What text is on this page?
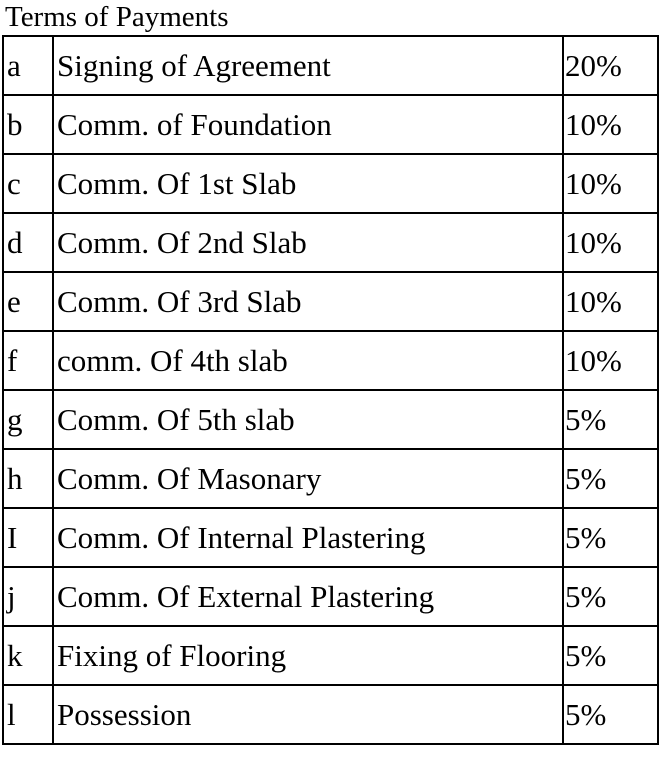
Terms of Payments
a	Signing of Agreement	20%
b	Comm. of Foundation	10%
c	Comm. Of 1st Slab	10%
d	Comm. Of 2nd Slab	10%
e	Comm. Of 3rd Slab	10%
f	comm. Of 4th slab	10%
g	Comm. Of 5th slab	5%
h	Comm. Of Masonary	5%
I	Comm. Of Internal Plastering	5%
j	Comm. Of External Plastering	5%
k	Fixing of Flooring	5%
l	Possession	5%
